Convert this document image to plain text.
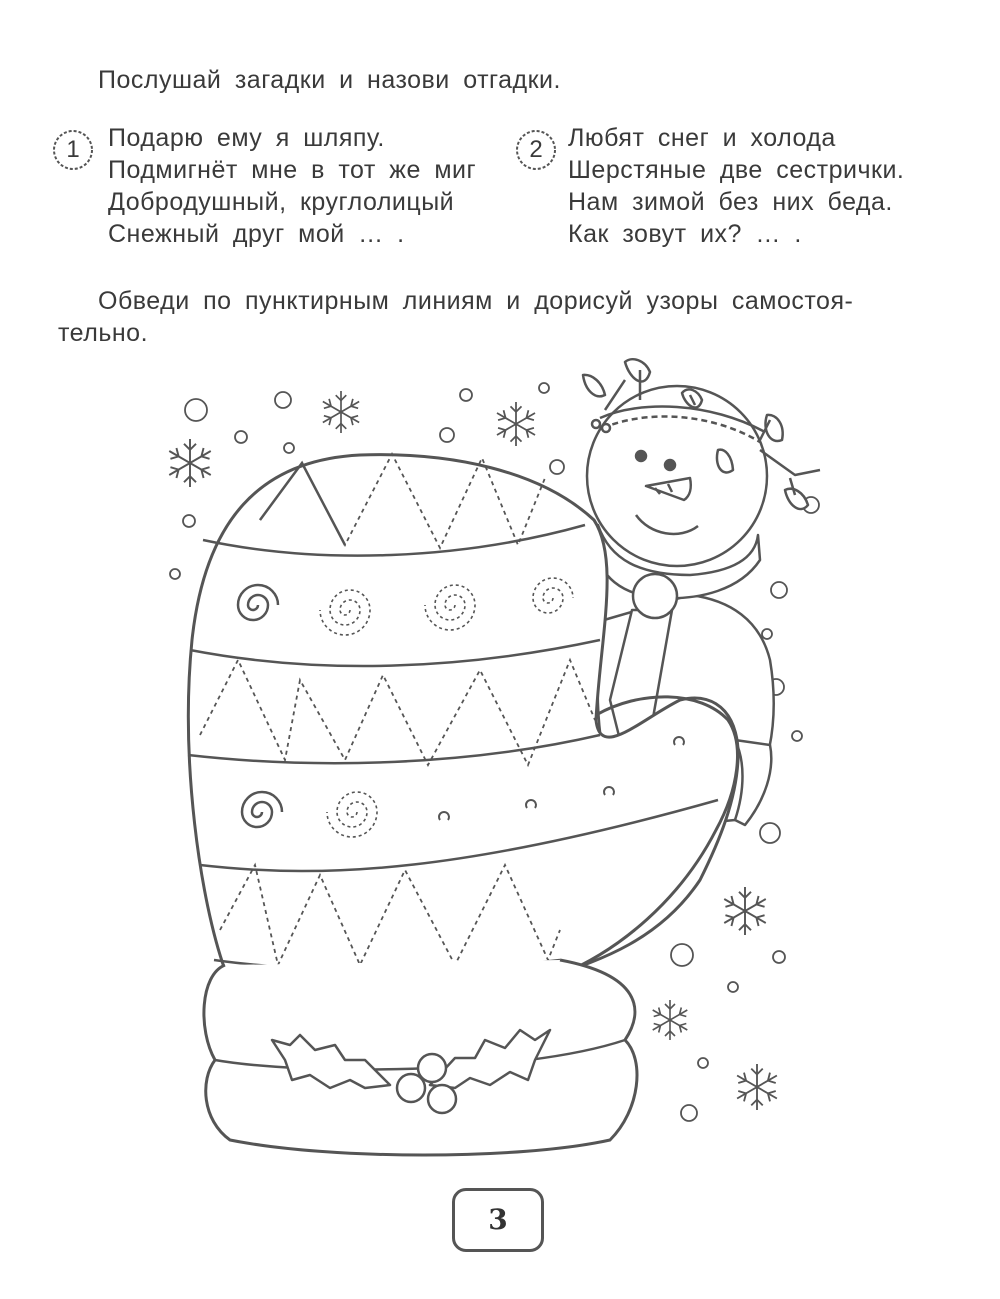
Послушай загадки и назови отгадки.
1	Подарю ему я шляпу.
Подмигнёт мне в тот же миг
Добродушный, круглолицый
Снежный друг мой … .
2	Любят снег и холода
Шерстяные две сестрички.
Нам зимой без них беда.
Как зовут их? … .
Обведи по пунктирным линиям и дорисуй узоры самостоя-
тельно.
3
